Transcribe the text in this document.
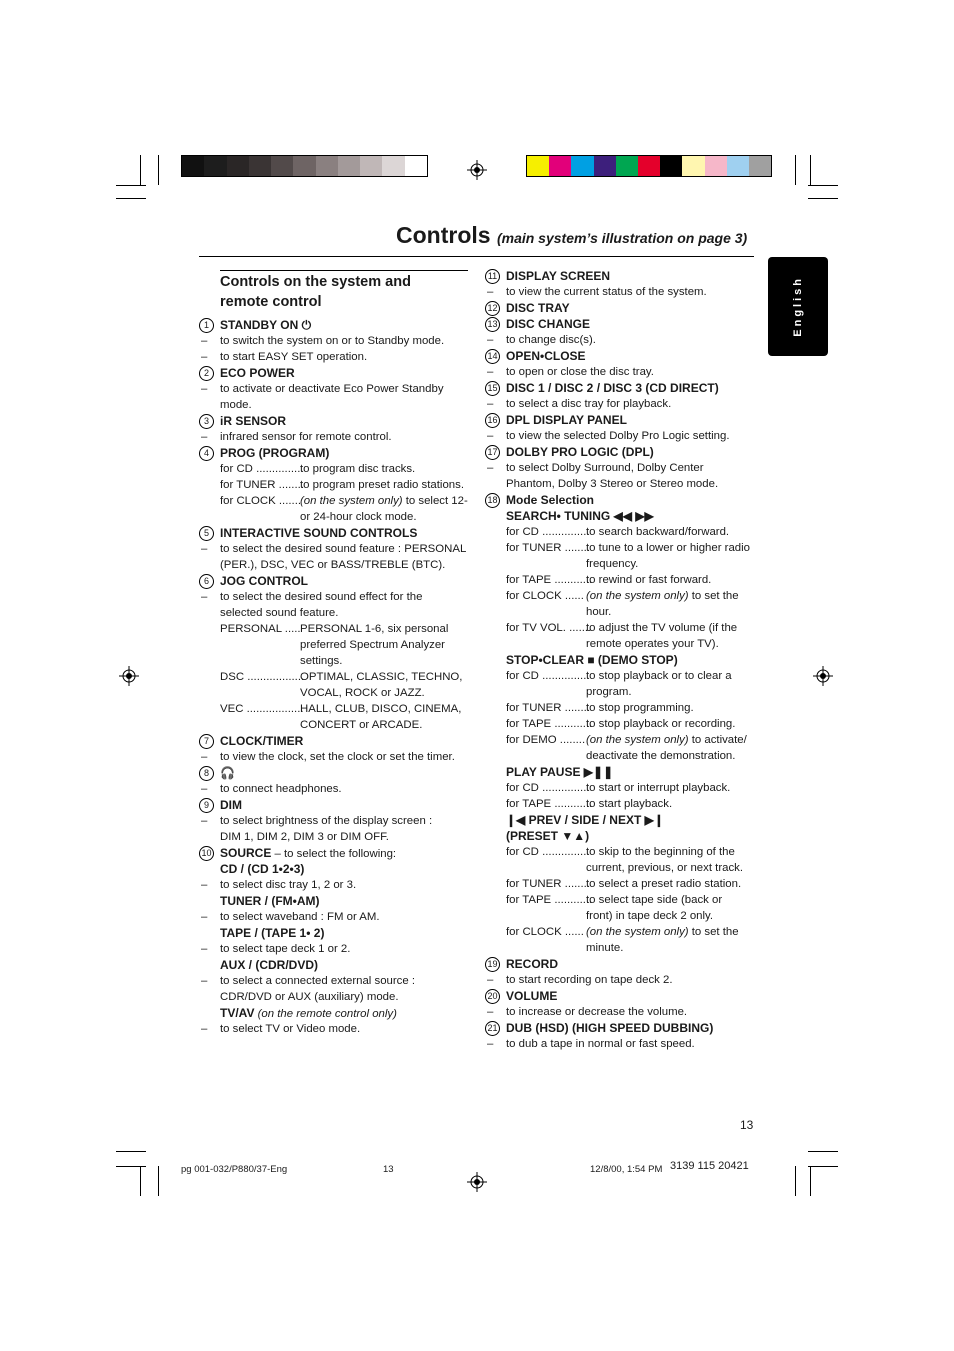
Controls (main system’s illustration on page 3)
English
Controls on the system and
remote control
1 STANDBY ON ⏻
– to switch the system on or to Standby mode.
– to start EASY SET operation.
2 ECO POWER
– to activate or deactivate Eco Power Standby
mode.
3 iR SENSOR
– infrared sensor for remote control.
4 PROG (PROGRAM)
for CD ...............
to program disc tracks.
for TUNER ........
to program preset radio stations.
for CLOCK .......
(on the system only) to select 12-
or 24-hour clock mode.
5 INTERACTIVE SOUND CONTROLS
– to select the desired sound feature : PERSONAL
(PER.), DSC, VEC or BASS/TREBLE (BTC).
6 JOG CONTROL
– to select the desired sound effect for the
selected sound feature.
PERSONAL ..... PERSONAL 1-6, six personal
preferred Spectrum Analyzer
settings.
DSC ..................
OPTIMAL, CLASSIC, TECHNO,
VOCAL, ROCK or JAZZ.
VEC ..................
HALL, CLUB, DISCO, CINEMA,
CONCERT or ARCADE.
7 CLOCK/TIMER
– to view the clock, set the clock or set the timer.
8 🎧
– to connect headphones.
9 DIM
– to select brightness of the display screen :
DIM 1, DIM 2, DIM 3 or DIM OFF.
10 SOURCE – to select the following:
CD / (CD 1•2•3)
– to select disc tray 1, 2 or 3.
TUNER / (FM•AM)
– to select waveband : FM or AM.
TAPE / (TAPE 1• 2)
– to select tape deck 1 or 2.
AUX / (CDR/DVD)
– to select a connected external source :
CDR/DVD or AUX (auxiliary) mode.
TV/AV (on the remote control only)
– to select TV or Video mode.
11 DISPLAY SCREEN
– to view the current status of the system.
12 DISC TRAY
13 DISC CHANGE
– to change disc(s).
14 OPEN•CLOSE
– to open or close the disc tray.
15 DISC 1 / DISC 2 / DISC 3 (CD DIRECT)
– to select a disc tray for playback.
16 DPL DISPLAY PANEL
– to view the selected Dolby Pro Logic setting.
17 DOLBY PRO LOGIC (DPL)
– to select Dolby Surround, Dolby Center
Phantom, Dolby 3 Stereo or Stereo mode.
18 Mode Selection
SEARCH• TUNING ◀◀ ▶▶
for CD ...............
to search backward/forward.
for TUNER ........
to tune to a lower or higher radio
frequency.
for TAPE ............
to rewind or fast forward.
for CLOCK ...... (on the system only) to set the
hour.
for TV VOL. .......
to adjust the TV volume (if the
remote operates your TV).
STOP•CLEAR ■ (DEMO STOP)
for CD ...............
to stop playback or to clear a
program.
for TUNER ........
to stop programming.
for TAPE ............
to stop playback or recording.
for DEMO ........ (on the system only) to activate/
deactivate the demonstration.
PLAY PAUSE ▶❚❚
for CD ...............
to start or interrupt playback.
for TAPE ............
to start playback.
❙◀ PREV / SIDE / NEXT ▶❙
(PRESET ▼▲)
for CD ...............
to skip to the beginning of the
current, previous, or next track.
for TUNER ........
to select a preset radio station.
for TAPE ............
to select tape side (back or
front) in tape deck 2 only.
for CLOCK ...... (on the system only) to set the
minute.
19 RECORD
– to start recording on tape deck 2.
20 VOLUME
– to increase or decrease the volume.
21 DUB (HSD) (HIGH SPEED DUBBING)
– to dub a tape in normal or fast speed.
13
pg 001-032/P880/37-Eng	13	12/8/00, 1:54 PM 3139 115 20421
